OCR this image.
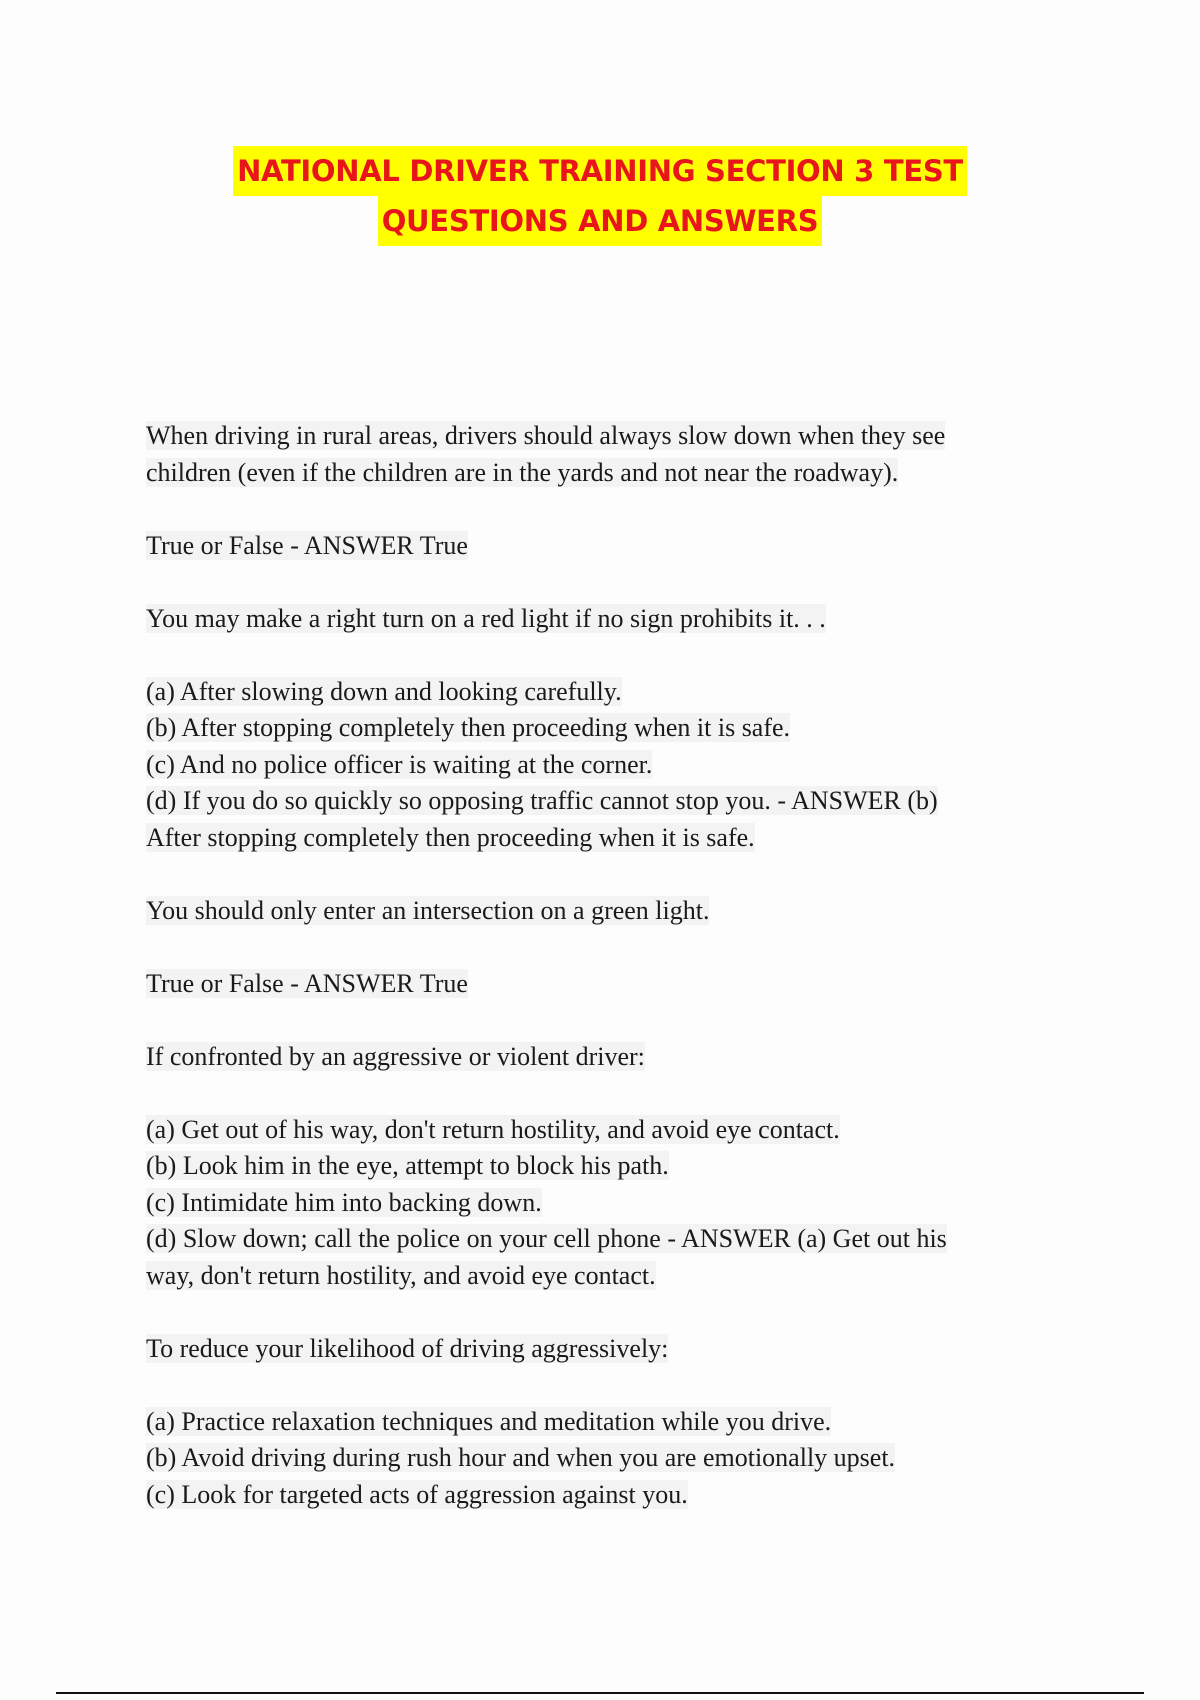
NATIONAL DRIVER TRAINING SECTION 3 TEST
QUESTIONS AND ANSWERS
When driving in rural areas, drivers should always slow down when they see
children (even if the children are in the yards and not near the roadway).
True or False - ANSWER True
You may make a right turn on a red light if no sign prohibits it. . .
(a) After slowing down and looking carefully.
(b) After stopping completely then proceeding when it is safe.
(c) And no police officer is waiting at the corner.
(d) If you do so quickly so opposing traffic cannot stop you. - ANSWER (b)
After stopping completely then proceeding when it is safe.
You should only enter an intersection on a green light.
True or False - ANSWER True
If confronted by an aggressive or violent driver:
(a) Get out of his way, don't return hostility, and avoid eye contact.
(b) Look him in the eye, attempt to block his path.
(c) Intimidate him into backing down.
(d) Slow down; call the police on your cell phone - ANSWER (a) Get out his
way, don't return hostility, and avoid eye contact.
To reduce your likelihood of driving aggressively:
(a) Practice relaxation techniques and meditation while you drive.
(b) Avoid driving during rush hour and when you are emotionally upset.
(c) Look for targeted acts of aggression against you.
